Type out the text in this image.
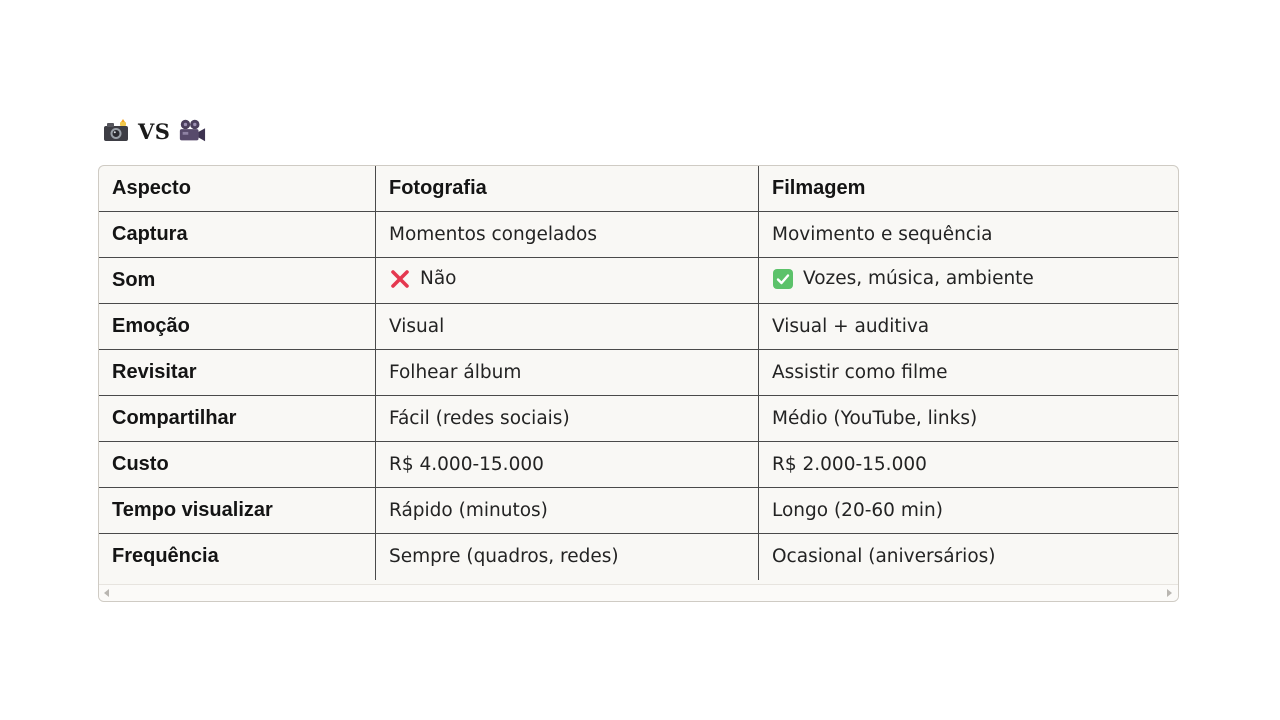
VS
Aspecto	Fotografia	Filmagem
Captura	Momentos congelados	Movimento e sequência
Som	Não	Vozes, música, ambiente

Emoção	Visual	Visual + auditiva
Revisitar	Folhear álbum	Assistir como filme
Compartilhar	Fácil (redes sociais)	Médio (YouTube, links)
Custo	R$ 4.000-15.000	R$ 2.000-15.000
Tempo visualizar	Rápido (minutos)	Longo (20-60 min)
Frequência	Sempre (quadros, redes)	Ocasional (aniversários)
